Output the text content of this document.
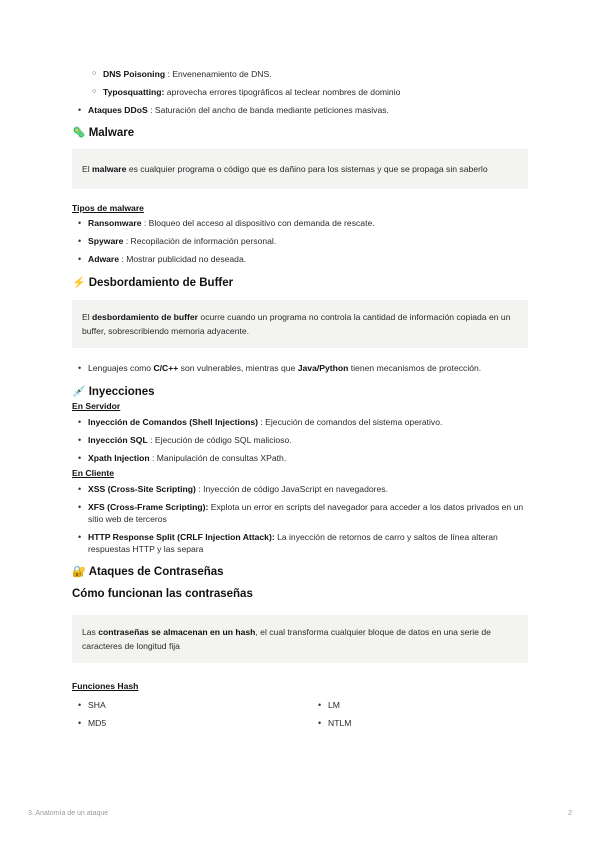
○ DNS Poisoning : Envenenamiento de DNS.
○ Typosquatting: aprovecha errores tipográficos al teclear nombres de dominio
• Ataques DDoS : Saturación del ancho de banda mediante peticiones masivas.
🦠 Malware
El malware es cualquier programa o código que es dañino para los sistemas y que se propaga sin saberlo
Tipos de malware
• Ransomware : Bloqueo del acceso al dispositivo con demanda de rescate.
• Spyware : Recopilación de información personal.
• Adware : Mostrar publicidad no deseada.
⚡ Desbordamiento de Buffer
El desbordamiento de buffer ocurre cuando un programa no controla la cantidad de información copiada en un buffer, sobrescribiendo memoria adyacente.
• Lenguajes como C/C++ son vulnerables, mientras que Java/Python tienen mecanismos de protección.
💉 Inyecciones
En Servidor
• Inyección de Comandos (Shell Injections) : Ejecución de comandos del sistema operativo.
• Inyección SQL : Ejecución de código SQL malicioso.
• Xpath Injection : Manipulación de consultas XPath.
En Cliente
• XSS (Cross-Site Scripting) : Inyección de código JavaScript en navegadores.
• XFS (Cross-Frame Scripting): Explota un error en scripts del navegador para acceder a los datos privados en un sitio web de terceros
• HTTP Response Split (CRLF Injection Attack): La inyección de retornos de carro y saltos de línea alteran respuestas HTTP y las separa
🔐 Ataques de Contraseñas
Cómo funcionan las contraseñas
Las contraseñas se almacenan en un hash, el cual transforma cualquier bloque de datos en una serie de caracteres de longitud fija
Funciones Hash
• SHA
• MD5
• LM
• NTLM
3. Anatomía de un ataque	2
